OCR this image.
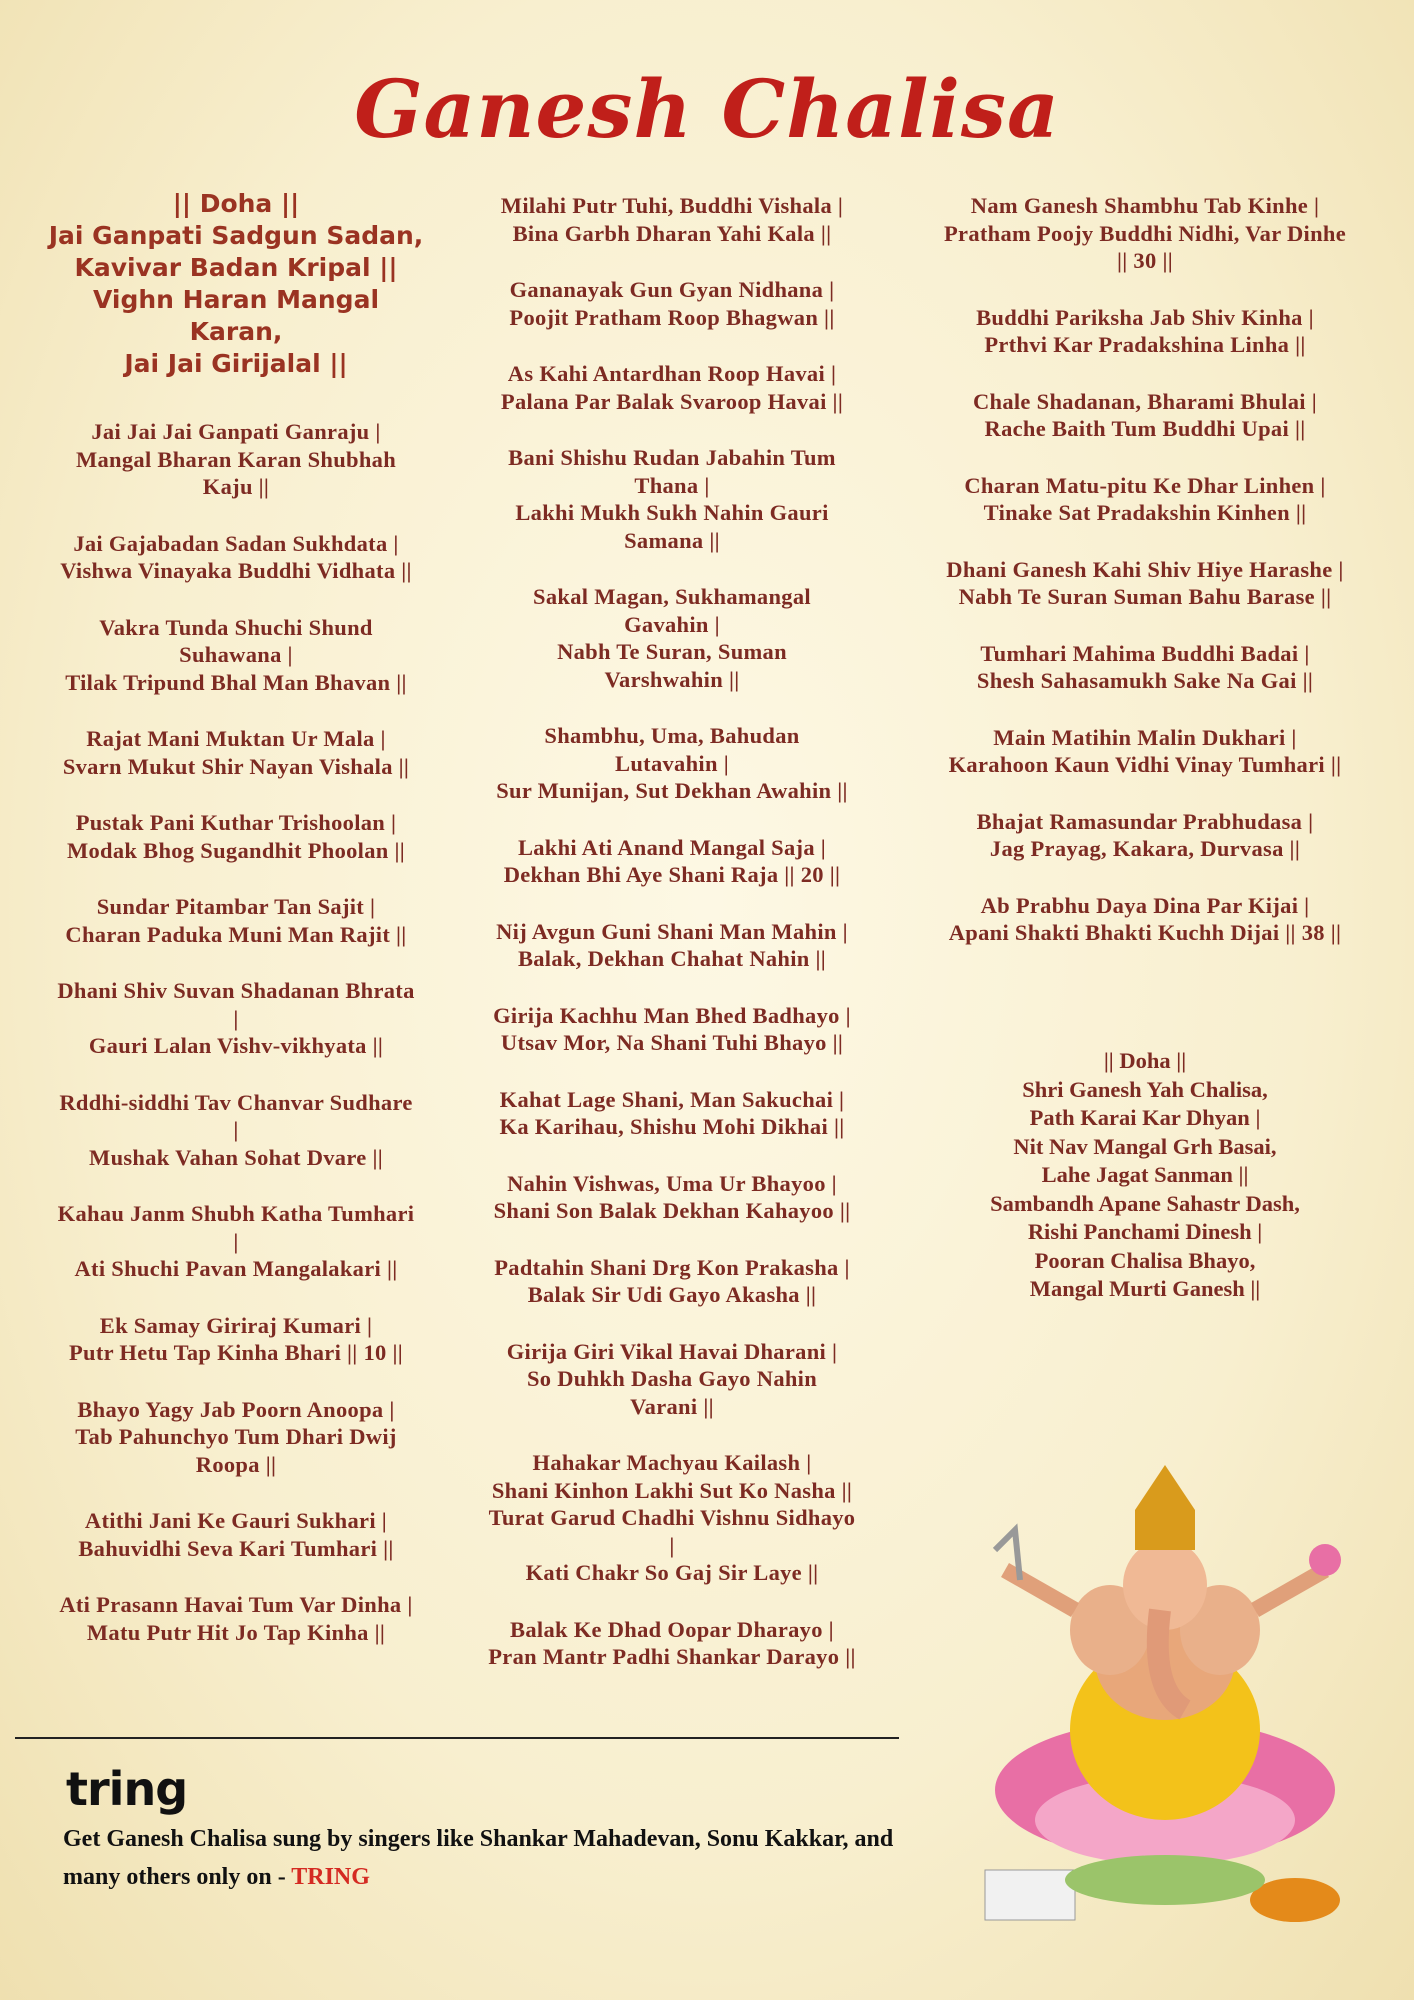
Ganesh Chalisa
|| Doha ||
Jai Ganpati Sadgun Sadan,
Kavivar Badan Kripal ||
Vighn Haran Mangal
Karan,
Jai Jai Girijalal ||
Jai Jai Jai Ganpati Ganraju |
Mangal Bharan Karan Shubhah
Kaju ||
Jai Gajabadan Sadan Sukhdata |
Vishwa Vinayaka Buddhi Vidhata ||
Vakra Tunda Shuchi Shund
Suhawana |
Tilak Tripund Bhal Man Bhavan ||
Rajat Mani Muktan Ur Mala |
Svarn Mukut Shir Nayan Vishala ||
Pustak Pani Kuthar Trishoolan |
Modak Bhog Sugandhit Phoolan ||
Sundar Pitambar Tan Sajit |
Charan Paduka Muni Man Rajit ||
Dhani Shiv Suvan Shadanan Bhrata
|
Gauri Lalan Vishv-vikhyata ||
Rddhi-siddhi Tav Chanvar Sudhare
|
Mushak Vahan Sohat Dvare ||
Kahau Janm Shubh Katha Tumhari
|
Ati Shuchi Pavan Mangalakari ||
Ek Samay Giriraj Kumari |
Putr Hetu Tap Kinha Bhari || 10 ||
Bhayo Yagy Jab Poorn Anoopa |
Tab Pahunchyo Tum Dhari Dwij
Roopa ||
Atithi Jani Ke Gauri Sukhari |
Bahuvidhi Seva Kari Tumhari ||
Ati Prasann Havai Tum Var Dinha |
Matu Putr Hit Jo Tap Kinha ||
Milahi Putr Tuhi, Buddhi Vishala |
Bina Garbh Dharan Yahi Kala ||
Gananayak Gun Gyan Nidhana |
Poojit Pratham Roop Bhagwan ||
As Kahi Antardhan Roop Havai |
Palana Par Balak Svaroop Havai ||
Bani Shishu Rudan Jabahin Tum
Thana |
Lakhi Mukh Sukh Nahin Gauri
Samana ||
Sakal Magan, Sukhamangal
Gavahin |
Nabh Te Suran, Suman
Varshwahin ||
Shambhu, Uma, Bahudan
Lutavahin |
Sur Munijan, Sut Dekhan Awahin ||
Lakhi Ati Anand Mangal Saja |
Dekhan Bhi Aye Shani Raja || 20 ||
Nij Avgun Guni Shani Man Mahin |
Balak, Dekhan Chahat Nahin ||
Girija Kachhu Man Bhed Badhayo |
Utsav Mor, Na Shani Tuhi Bhayo ||
Kahat Lage Shani, Man Sakuchai |
Ka Karihau, Shishu Mohi Dikhai ||
Nahin Vishwas, Uma Ur Bhayoo |
Shani Son Balak Dekhan Kahayoo ||
Padtahin Shani Drg Kon Prakasha |
Balak Sir Udi Gayo Akasha ||
Girija Giri Vikal Havai Dharani |
So Duhkh Dasha Gayo Nahin
Varani ||
Hahakar Machyau Kailash |
Shani Kinhon Lakhi Sut Ko Nasha ||
Turat Garud Chadhi Vishnu Sidhayo
|
Kati Chakr So Gaj Sir Laye ||
Balak Ke Dhad Oopar Dharayo |
Pran Mantr Padhi Shankar Darayo ||
Nam Ganesh Shambhu Tab Kinhe |
Pratham Poojy Buddhi Nidhi, Var Dinhe
|| 30 ||
Buddhi Pariksha Jab Shiv Kinha |
Prthvi Kar Pradakshina Linha ||
Chale Shadanan, Bharami Bhulai |
Rache Baith Tum Buddhi Upai ||
Charan Matu-pitu Ke Dhar Linhen |
Tinake Sat Pradakshin Kinhen ||
Dhani Ganesh Kahi Shiv Hiye Harashe |
Nabh Te Suran Suman Bahu Barase ||
Tumhari Mahima Buddhi Badai |
Shesh Sahasamukh Sake Na Gai ||
Main Matihin Malin Dukhari |
Karahoon Kaun Vidhi Vinay Tumhari ||
Bhajat Ramasundar Prabhudasa |
Jag Prayag, Kakara, Durvasa ||
Ab Prabhu Daya Dina Par Kijai |
Apani Shakti Bhakti Kuchh Dijai || 38 ||
|| Doha ||
Shri Ganesh Yah Chalisa,
Path Karai Kar Dhyan |
Nit Nav Mangal Grh Basai,
Lahe Jagat Sanman ||
Sambandh Apane Sahastr Dash,
Rishi Panchami Dinesh |
Pooran Chalisa Bhayo,
Mangal Murti Ganesh ||
tring
Get Ganesh Chalisa sung by singers like Shankar Mahadevan, Sonu Kakkar, and many others only on - TRING
